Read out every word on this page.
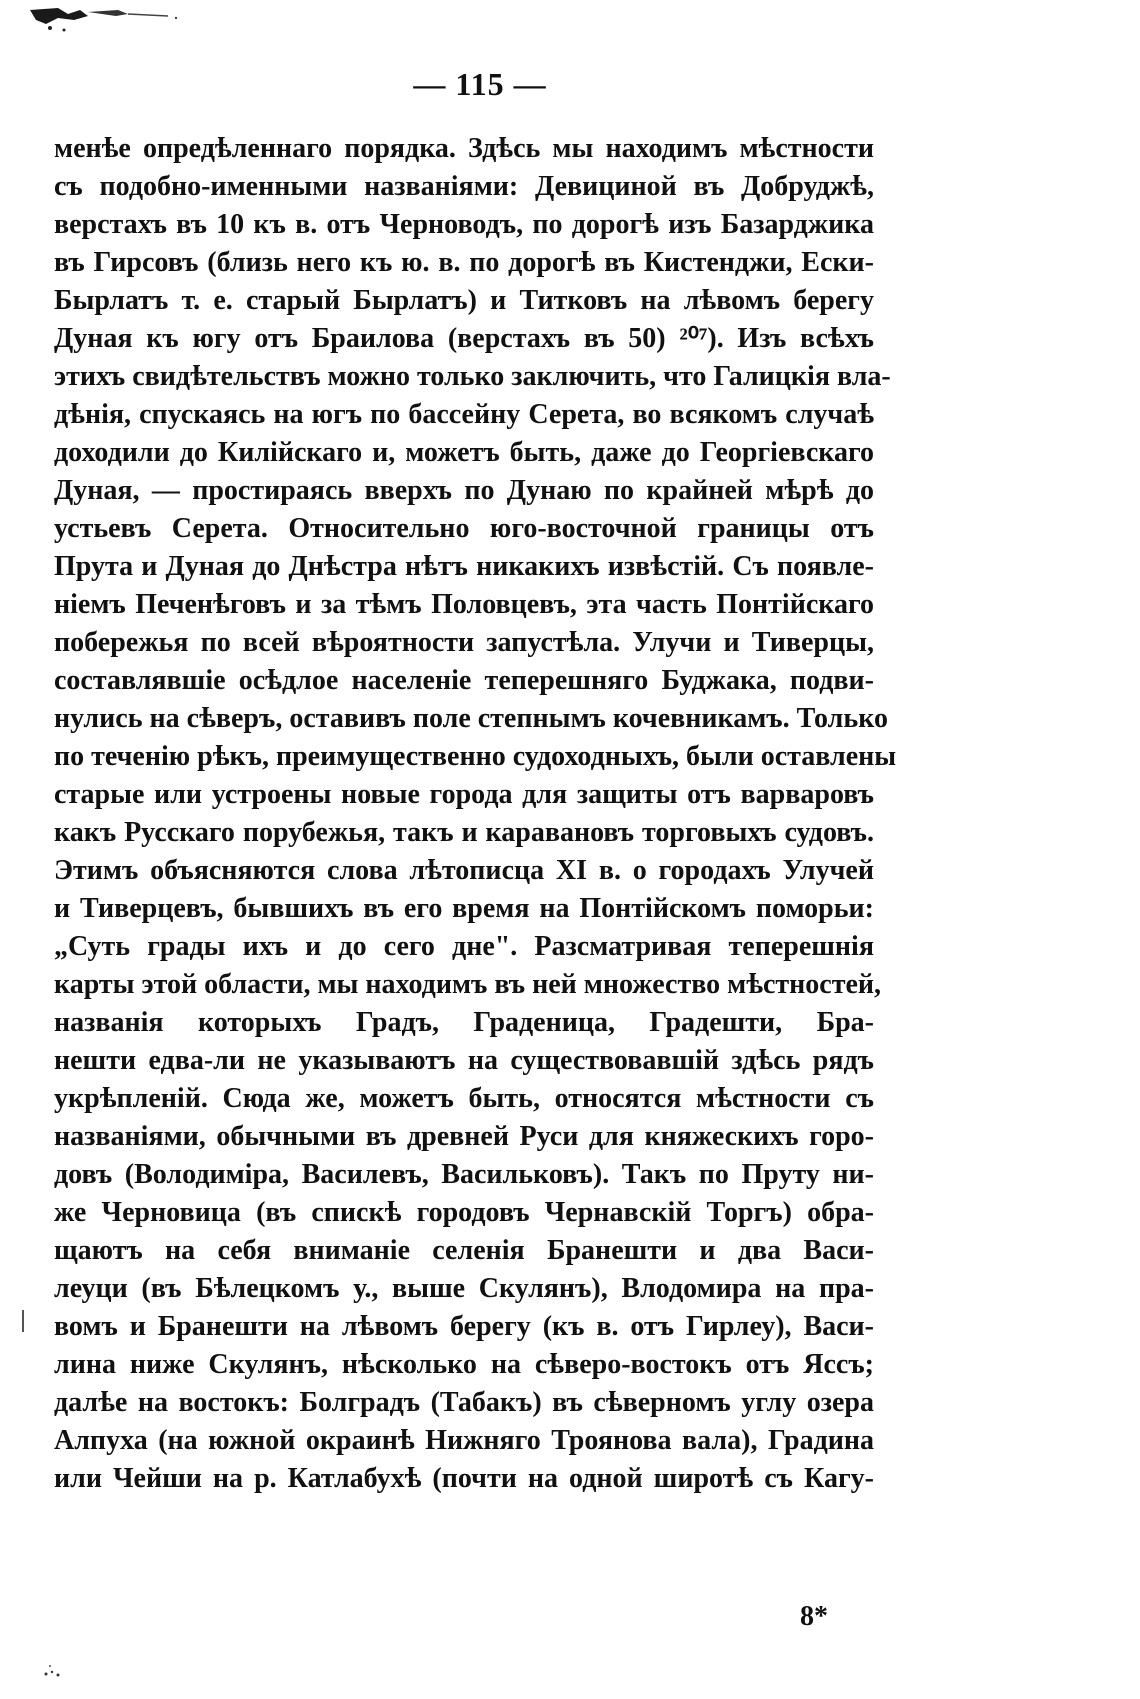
— 115 —
менѣе опредѣленнаго порядка. Здѣсь мы находимъ мѣстности
съ подобно-именными названіями: Девициной въ Добруджѣ,
верстахъ въ 10 къ в. отъ Черноводъ, по дорогѣ изъ Базарджика
въ Гирсовъ (близь него къ ю. в. по дорогѣ въ Кистенджи, Ески-
Бырлатъ т. е. старый Бырлатъ) и Титковъ на лѣвомъ берегу
Дуная къ югу отъ Браилова (верстахъ въ 50) ²⁰⁷). Изъ всѣхъ
этихъ свидѣтельствъ можно только заключить, что Галицкія вла-
дѣнія, спускаясь на югъ по бассейну Серета, во всякомъ случаѣ
доходили до Килійскаго и, можетъ быть, даже до Георгіевскаго
Дуная, — простираясь вверхъ по Дунаю по крайней мѣрѣ до
устьевъ Серета. Относительно юго-восточной границы отъ
Прута и Дуная до Днѣстра нѣтъ никакихъ извѣстій. Съ появле-
ніемъ Печенѣговъ и за тѣмъ Половцевъ, эта часть Понтійскаго
побережья по всей вѣроятности запустѣла. Улучи и Тиверцы,
составлявшіе осѣдлое населеніе теперешняго Буджака, подви-
нулись на сѣверъ, оставивъ поле степнымъ кочевникамъ. Только
по теченію рѣкъ, преимущественно судоходныхъ, были оставлены
старые или устроены новые города для защиты отъ варваровъ
какъ Русскаго порубежья, такъ и каравановъ торговыхъ судовъ.
Этимъ объясняются слова лѣтописца XI в. о городахъ Улучей
и Тиверцевъ, бывшихъ въ его время на Понтійскомъ поморьи:
„Суть грады ихъ и до сего дне". Разсматривая теперешнія
карты этой области, мы находимъ въ ней множество мѣстностей,
названія которыхъ Градъ, Граденица, Градешти, Бра-
нешти едва-ли не указываютъ на существовавшій здѣсь рядъ
укрѣпленій. Сюда же, можетъ быть, относятся мѣстности съ
названіями, обычными въ древней Руси для княжескихъ горо-
довъ (Володиміра, Василевъ, Васильковъ). Такъ по Пруту ни-
же Черновица (въ спискѣ городовъ Чернавскій Торгъ) обра-
щаютъ на себя вниманіе селенія Бранешти и два Васи-
леуци (въ Бѣлецкомъ у., выше Скулянъ), Влодомира на пра-
вомъ и Бранешти на лѣвомъ берегу (къ в. отъ Гирлеу), Васи-
лина ниже Скулянъ, нѣсколько на сѣверо-востокъ отъ Яссъ;
далѣе на востокъ: Болградъ (Табакъ) въ сѣверномъ углу озера
Алпуха (на южной окраинѣ Нижняго Троянова вала), Градина
или Чейши на р. Катлабухѣ (почти на одной широтѣ съ Кагу-
8*
